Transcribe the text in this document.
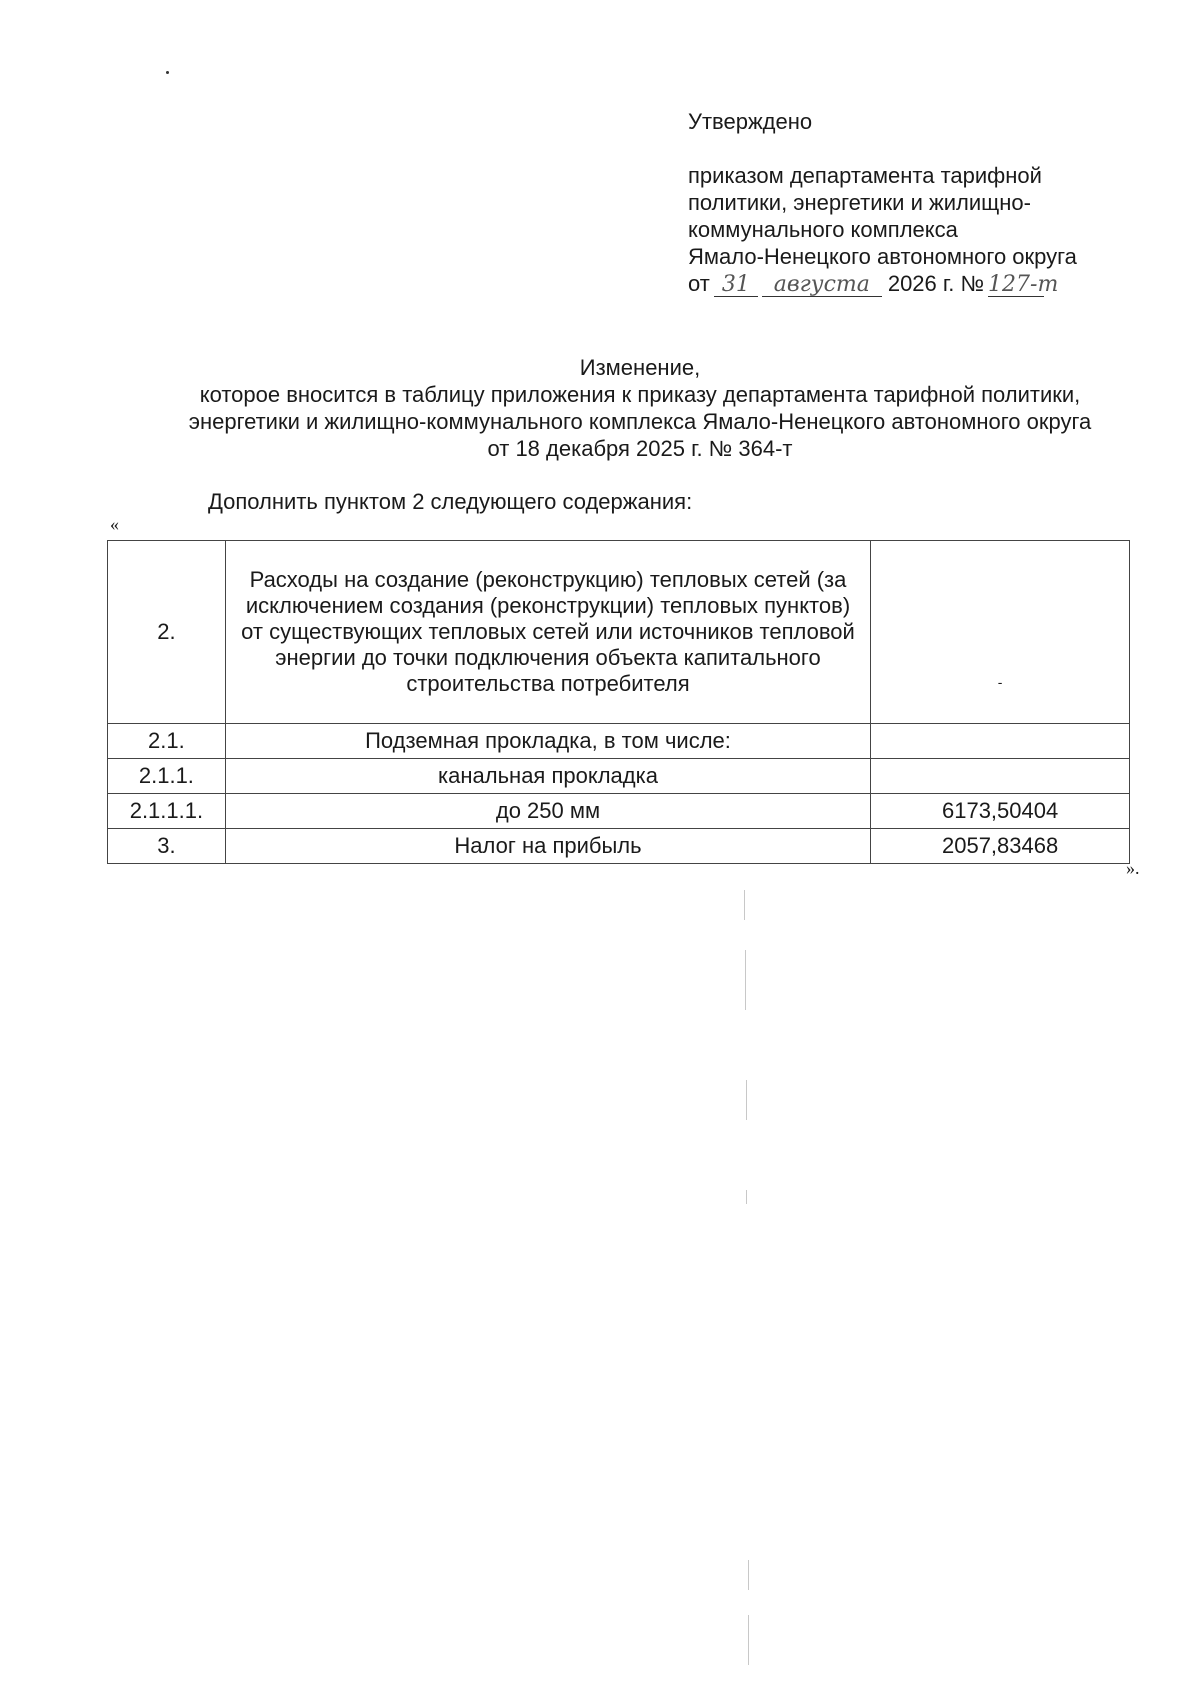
Утверждено
приказом департамента тарифной
политики, энергетики и жилищно-
коммунального комплекса
Ямало-Ненецкого автономного округа
от 31 августа 2026 г. № 127-т
Изменение,
которое вносится в таблицу приложения к приказу департамента тарифной политики,
энергетики и жилищно-коммунального комплекса Ямало-Ненецкого автономного округа
от 18 декабря 2025 г. № 364-т
Дополнить пунктом 2 следующего содержания:
«
2.	Расходы на создание (реконструкцию) тепловых сетей (за исключением создания (реконструкции) тепловых пунктов) от существующих тепловых сетей или источников тепловой энергии до точки подключения объекта капитального строительства потребителя	-
2.1.	Подземная прокладка, в том числе:	
2.1.1.	канальная прокладка	
2.1.1.1.	до 250 мм	6173,50404
3.	Налог на прибыль	2057,83468
».
